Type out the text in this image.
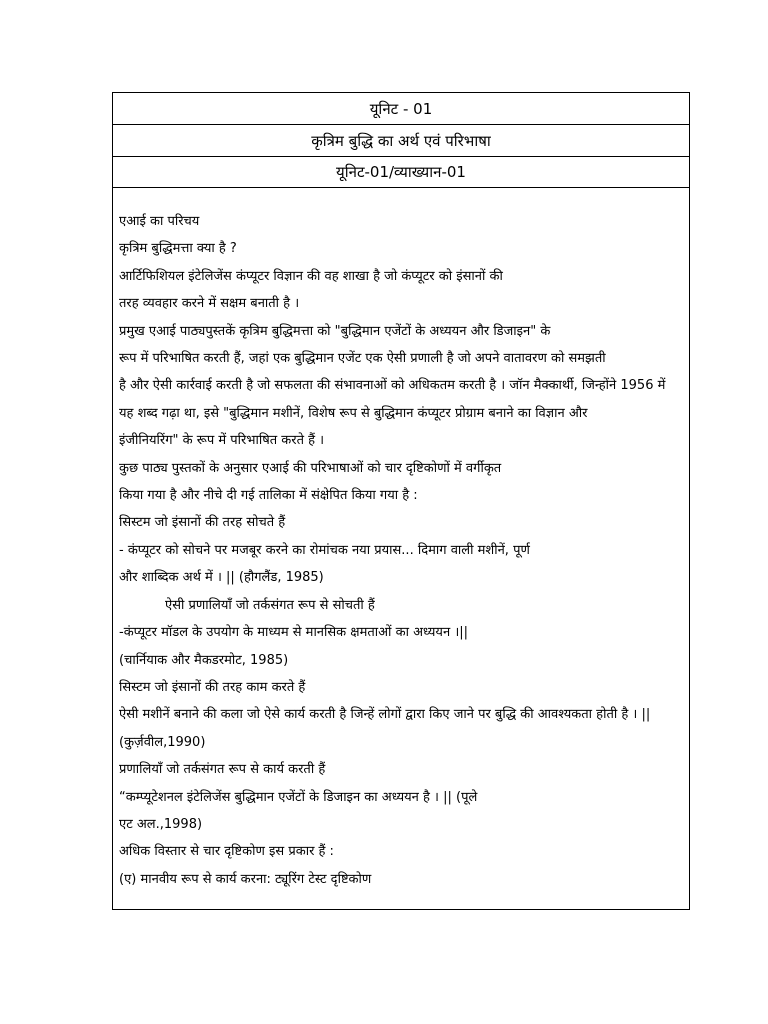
यूनिट - 01
कृत्रिम बुद्धि का अर्थ एवं परिभाषा
यूनिट-01/व्याख्यान-01
एआई का परिचय
कृत्रिम बुद्धिमत्ता क्या है ?
आर्टिफिशियल इंटेलिजेंस कंप्यूटर विज्ञान की वह शाखा है जो कंप्यूटर को इंसानों की
तरह व्यवहार करने में सक्षम बनाती है ।
प्रमुख एआई पाठ्यपुस्तकें कृत्रिम बुद्धिमत्ता को "बुद्धिमान एजेंटों के अध्ययन और डिजाइन" के
रूप में परिभाषित करती हैं, जहां एक बुद्धिमान एजेंट एक ऐसी प्रणाली है जो अपने वातावरण को समझती
है और ऐसी कार्रवाई करती है जो सफलता की संभावनाओं को अधिकतम करती है । जॉन मैक्कार्थी, जिन्होंने 1956 में
यह शब्द गढ़ा था, इसे "बुद्धिमान मशीनें, विशेष रूप से बुद्धिमान कंप्यूटर प्रोग्राम बनाने का विज्ञान और
इंजीनियरिंग" के रूप में परिभाषित करते हैं ।
कुछ पाठ्य पुस्तकों के अनुसार एआई की परिभाषाओं को चार दृष्टिकोणों में वर्गीकृत
किया गया है और नीचे दी गई तालिका में संक्षेपित किया गया है :
सिस्टम जो इंसानों की तरह सोचते हैं
- कंप्यूटर को सोचने पर मजबूर करने का रोमांचक नया प्रयास... दिमाग वाली मशीनें, पूर्ण
और शाब्दिक अर्थ में । || (हौगलैंड, 1985)
ऐसी प्रणालियाँ जो तर्कसंगत रूप से सोचती हैं
-कंप्यूटर मॉडल के उपयोग के माध्यम से मानसिक क्षमताओं का अध्ययन ।||
(चार्नियाक और मैकडरमोट, 1985)
सिस्टम जो इंसानों की तरह काम करते हैं
ऐसी मशीनें बनाने की कला जो ऐसे कार्य करती है जिन्हें लोगों द्वारा किए जाने पर बुद्धि की आवश्यकता होती है । ||
(कुर्ज़वील,1990)
प्रणालियाँ जो तर्कसंगत रूप से कार्य करती हैं
“कम्प्यूटेशनल इंटेलिजेंस बुद्धिमान एजेंटों के डिजाइन का अध्ययन है । || (पूले
एट अल.,1998)
अधिक विस्तार से चार दृष्टिकोण इस प्रकार हैं :
(ए) मानवीय रूप से कार्य करना: ट्यूरिंग टेस्ट दृष्टिकोण
